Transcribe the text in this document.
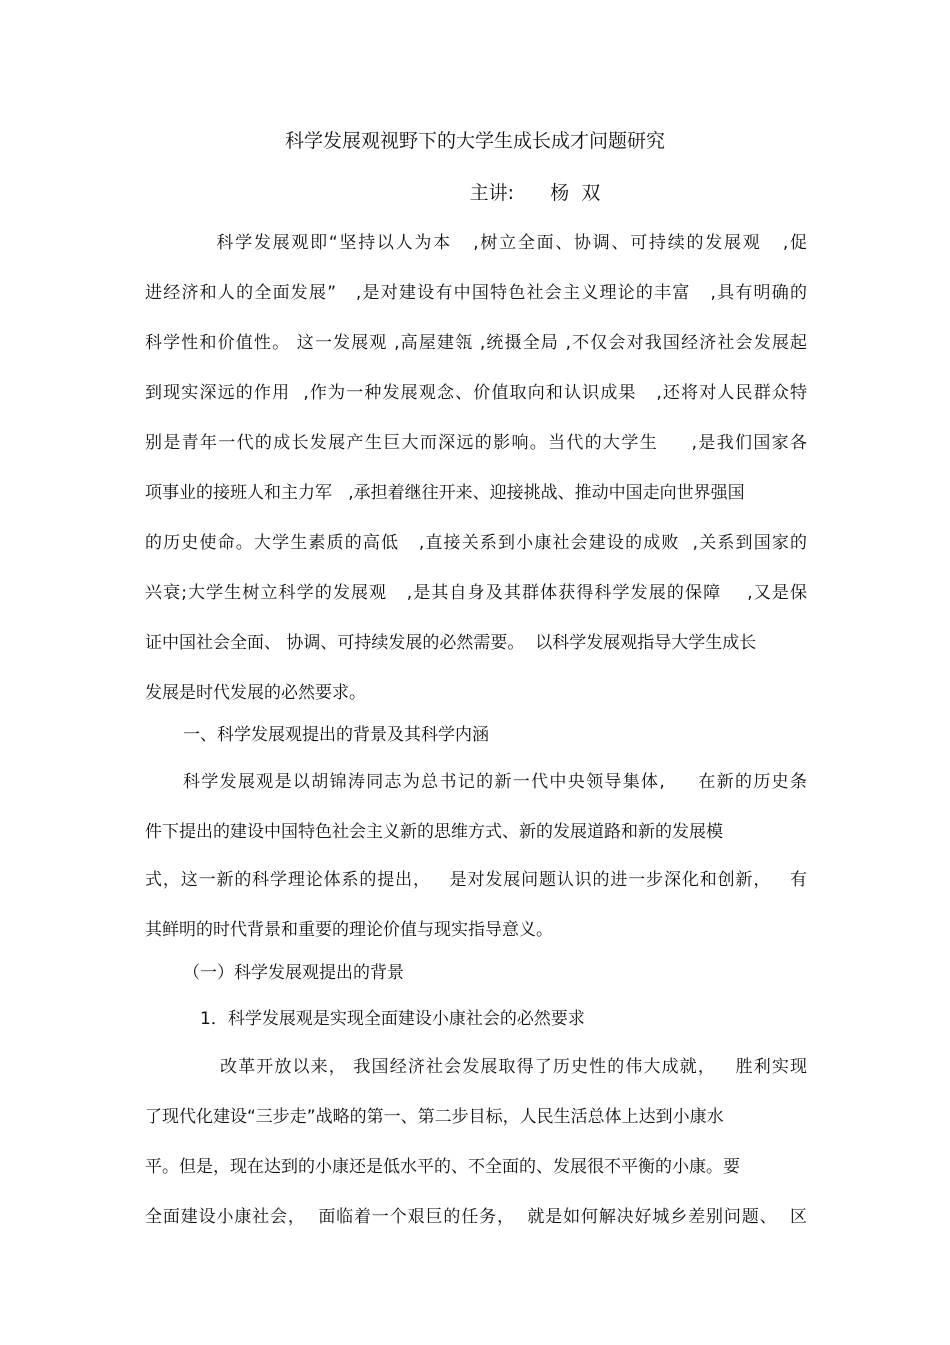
科学发展观视野下的大学生成长成才问题研究
主讲:      杨  双
科学发展观即“坚持以人为本   ,树立全面、协调、可持续的发展观   ,促
进经济和人的全面发展”   ,是对建设有中国特色社会主义理论的丰富   ,具有明确的
科学性和价值性。 这一发展观 ,高屋建瓴 ,统摄全局 ,不仅会对我国经济社会发展起
到现实深远的作用  ,作为一种发展观念、价值取向和认识成果   ,还将对人民群众特
别是青年一代的成长发展产生巨大而深远的影响。当代的大学生     ,是我们国家各
项事业的接班人和主力军   ,承担着继往开来、迎接挑战、推动中国走向世界强国
的历史使命。大学生素质的高低   ,直接关系到小康社会建设的成败  ,关系到国家的
兴衰;大学生树立科学的发展观   ,是其自身及其群体获得科学发展的保障    ,又是保
证中国社会全面、 协调、可持续发展的必然需要。  以科学发展观指导大学生成长
发展是时代发展的必然要求。
一、科学发展观提出的背景及其科学内涵
科学发展观是以胡锦涛同志为总书记的新一代中央领导集体,     在新的历史条
件下提出的建设中国特色社会主义新的思维方式、新的发展道路和新的发展模
式，这一新的科学理论体系的提出，   是对发展问题认识的进一步深化和创新，   有
其鲜明的时代背景和重要的理论价值与现实指导意义。
（一）科学发展观提出的背景
1．科学发展观是实现全面建设小康社会的必然要求
改革开放以来， 我国经济社会发展取得了历史性的伟大成就，   胜利实现
了现代化建设“三步走”战略的第一、第二步目标，人民生活总体上达到小康水
平。但是，现在达到的小康还是低水平的、不全面的、发展很不平衡的小康。要
全面建设小康社会，  面临着一个艰巨的任务，  就是如何解决好城乡差别问题、  区
